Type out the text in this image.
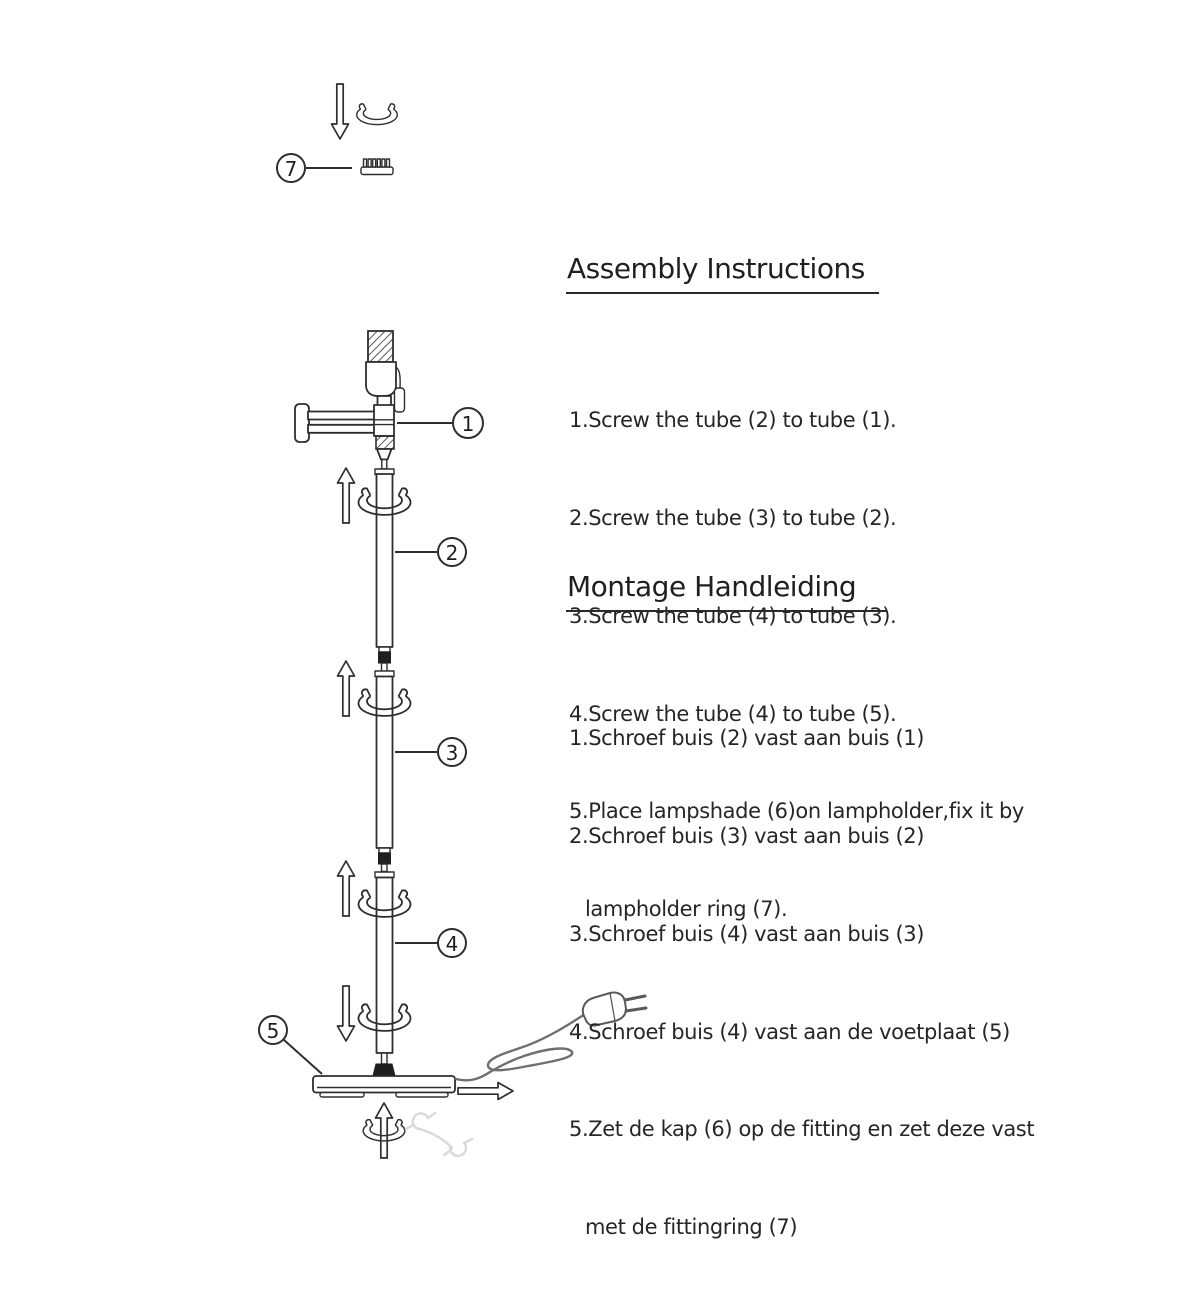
7
1
2
3
4
5
Assembly Instructions

1.Screw the tube (2) to tube (1).

2.Screw the tube (3) to tube (2).

3.Screw the tube (4) to tube (3).

4.Screw the tube (4) to tube (5).

5.Place lampshade (6)on lampholder,fix it by

lampholder ring (7).

Montage Handleiding

1.Schroef buis (2) vast aan buis (1)

2.Schroef buis (3) vast aan buis (2)

3.Schroef buis (4) vast aan buis (3)

4.Schroef buis (4) vast aan de voetplaat (5)

5.Zet de kap (6) op de fitting en zet deze vast

met de fittingring (7)
